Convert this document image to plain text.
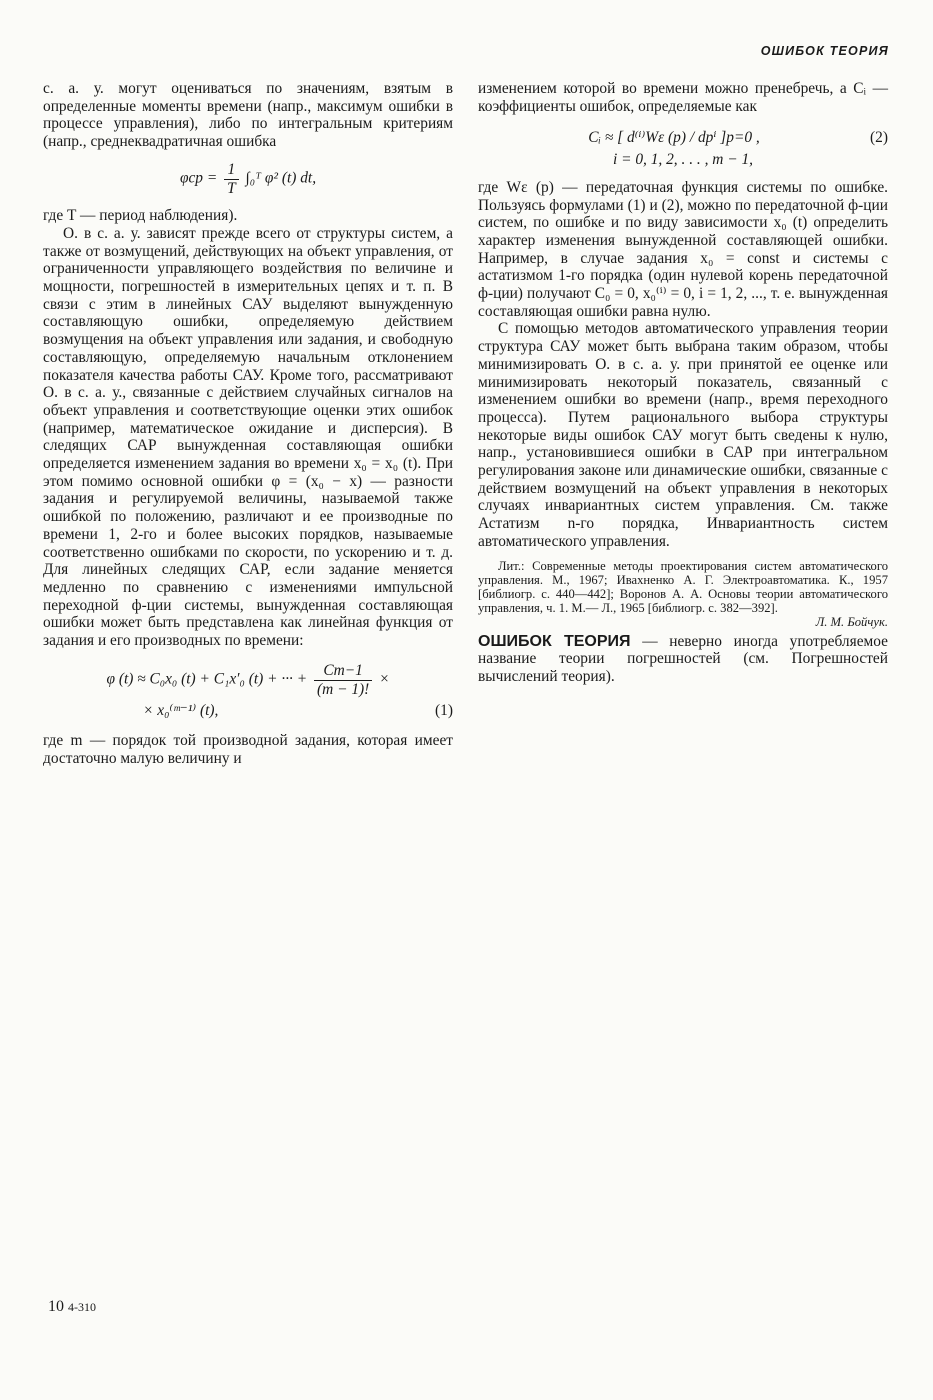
ОШИБОК ТЕОРИЯ

с. а. у. могут оцениваться по значениям, взятым в определенные моменты времени (напр., максимум ошибки в процессе управления), либо по интегральным критериям (напр., среднеквадратичная ошибка

$\varphi ср = \frac{1}{T}$ ∫₀ᵀ φ² (t) dt,

где T — период наблюдения).

О. в с. а. у. зависят прежде всего от структуры систем, а также от возмущений, действующих на объект управления, от ограниченности управляющего воздействия по величине и мощности, погрешностей в измерительных цепях и т. п. В связи с этим в линейных САУ выделяют вынужденную составляющую ошибки, определяемую действием возмущения на объект управления или задания, и свободную составляющую, определяемую начальным отклонением показателя качества работы САУ. Кроме того, рассматривают О. в с. а. у., связанные с действием случайных сигналов на объект управления и соответствующие оценки этих ошибок (например, математическое ожидание и дисперсия). В следящих САР вынужденная составляющая ошибки определяется изменением задания во времени x₀ = x₀ (t). При этом помимо основной ошибки φ = (x₀ − x) — разности задания и регулируемой величины, называемой также ошибкой по положению, различают и ее производные по времени 1, 2-го и более высоких порядков, называемые соответственно ошибками по скорости, по ускорению и т. д. Для линейных следящих САР, если задание меняется медленно по сравнению с изменениями импульсной переходной ф-ции системы, вынужденная составляющая ошибки может быть представлена как линейная функция от задания и его производных по времени:

φ (t) ≈ C₀x₀ (t) + C₁x′₀ (t) + ··· + $\frac{Cm-1}{(m - 1)!}$ ×
× x₀⁽ᵐ⁻¹⁾ (t),	(1)

где m — порядок той производной задания, которая имеет достаточно малую величину и

изменением которой во времени можно пренебречь, а Cᵢ — коэффициенты ошибок, определяемые как

Cᵢ ≈ [ d⁽ⁱ⁾Wε (p) / dpⁱ ]p=0 ,	(2)
i = 0, 1, 2, . . . , m − 1,

где Wε (p) — передаточная функция системы по ошибке. Пользуясь формулами (1) и (2), можно по передаточной ф-ции систем, по ошибке и по виду зависимости x₀ (t) определить характер изменения вынужденной составляющей ошибки. Например, в случае задания x₀ = const и системы с астатизмом 1-го порядка (один нулевой корень передаточной ф-ции) получают C₀ = 0, x₀⁽ⁱ⁾ = 0, i = 1, 2, ..., т. е. вынужденная составляющая ошибки равна нулю.

С помощью методов автоматического управления теории структура САУ может быть выбрана таким образом, чтобы минимизировать О. в с. а. у. при принятой ее оценке или минимизировать некоторый показатель, связанный с изменением ошибки во времени (напр., время переходного процесса). Путем рационального выбора структуры некоторые виды ошибок САУ могут быть сведены к нулю, напр., установившиеся ошибки в САР при интегральном регулирования законе или динамические ошибки, связанные с действием возмущений на объект управления в некоторых случаях инвариантных систем управления. См. также Астатизм n-го порядка, Инвариантность систем автоматического управления.

Лит.: Современные методы проектирования систем автоматического управления. М., 1967; Ивахненко А. Г. Электроавтоматика. К., 1957 [библиогр. с. 440—442]; Воронов А. А. Основы теории автоматического управления, ч. 1. М.— Л., 1965 [библиогр. с. 382—392].

Л. М. Бойчук.

ОШИБОК ТЕОРИЯ — неверно иногда употребляемое название теории погрешностей (см. Погрешностей вычислений теория).

10 4-310
